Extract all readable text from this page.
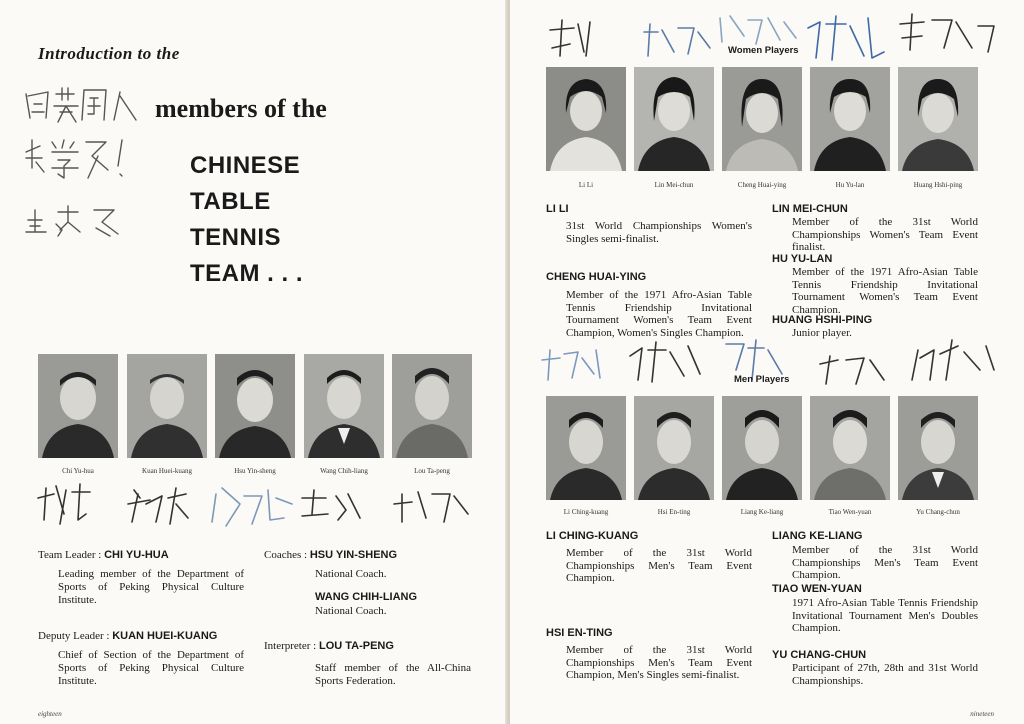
Introduction to the
members of the
CHINESE
TABLE
TENNIS
TEAM . . .
Chi Yu-hua	Kuan Huei-kuang	Hsu Yin-sheng	Wang Chih-liang	Lou Ta-peng
Team Leader : CHI YU-HUA
Leading member of the Department of Sports of Peking Physical Culture Institute.
Deputy Leader : KUAN HUEI-KUANG
Chief of Section of the Department of Sports of Peking Physical Culture Institute.
Coaches : HSU YIN-SHENG
National Coach.
WANG CHIH-LIANG
National Coach.
Interpreter : LOU TA-PENG
Staff member of the All-China Sports Federation.
eighteen
Women Players
Li Li	Lin Mei-chun	Cheng Huai-ying	Hu Yu-lan	Huang Hshi-ping
LI LI
31st World Championships Women's Singles semi-finalist.
LIN MEI-CHUN
Member of the 31st World Championships Women's Team Event finalist.
CHENG HUAI-YING
Member of the 1971 Afro-Asian Table Tennis Friendship Invitational Tournament Women's Team Event Champion, Women's Singles Champion.
HU YU-LAN
Member of the 1971 Afro-Asian Table Tennis Friendship Invitational Tournament Women's Team Event Champion.
HUANG HSHI-PING
Junior player.
Men Players
Li Ching-kuang	Hsi En-ting	Liang Ke-liang	Tiao Wen-yuan	Yu Chang-chun
LI CHING-KUANG
Member of the 31st World Championships Men's Team Event Champion.
LIANG KE-LIANG
Member of the 31st World Championships Men's Team Event Champion.
TIAO WEN-YUAN
1971 Afro-Asian Table Tennis Friendship Invitational Tournament Men's Doubles Champion.
HSI EN-TING
Member of the 31st World Championships Men's Team Event Champion, Men's Singles semi-finalist.
YU CHANG-CHUN
Participant of 27th, 28th and 31st World Championships.
nineteen
